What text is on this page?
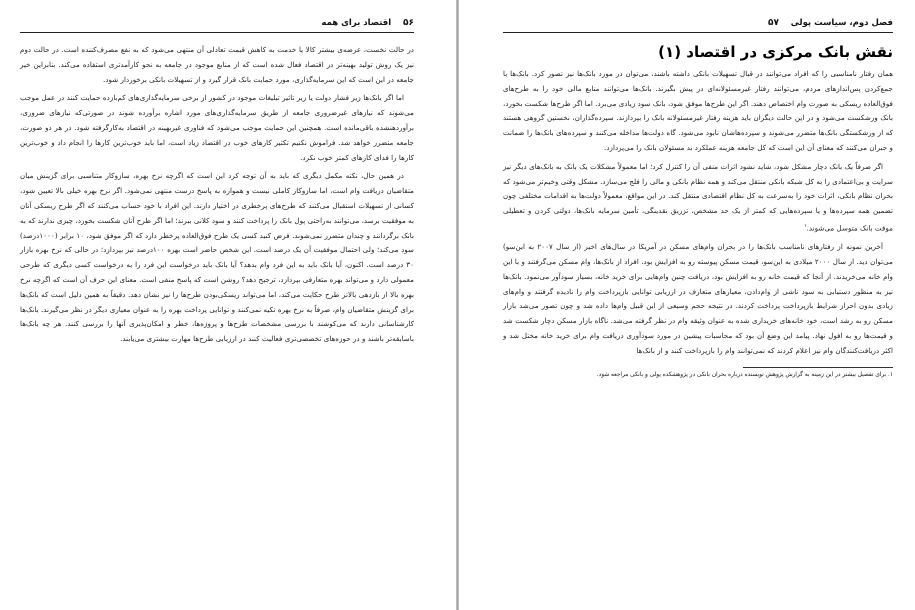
۵۶    اقتصاد برای همه

در حالت نخست، عرضه‌ی بیشتر کالا یا خدمت به کاهش قیمت تعادلی آن منتهی می‌شود که به نفع مصرف‌کننده است. در حالت دوم نیز یک روش تولید بهینه‌تر در اقتصاد فعال شده است که از منابع موجود در جامعه به نحو کارآمدتری استفاده می‌کند. بنابراین خیر جامعه در این است که این سرمایه‌گذاری، مورد حمایت بانک قرار گیرد و از تسهیلات بانکی برخوردار شود.

اما اگر بانک‌ها زیر فشار دولت یا زیر تاثیر تبلیغات موجود در کشور از برخی سرمایه‌گذاری‌های کم‌بازده حمایت کنند در عمل موجب می‌شوند که نیازهای غیرضروری جامعه از طریق سرمایه‌گذاری‌های مورد اشاره برآورده شوند در صورتی‌که نیازهای ضروری، برآوردهنشده باقی‌مانده است. همچنین این حمایت موجب می‌شود که فناوری غیربهینه در اقتصاد به‌کارگرفته شود. در هر دو صورت، جامعه متضرر خواهد شد. فراموش نکنیم تکثیر کارهای خوب در اقتصاد زیاد است، اما باید خوب‌ترین کارها را انجام داد و خوب‌ترین کارها را فدای کارهای کمتر خوب نکرد.

در همین حال، نکته مکمل دیگری که باید به آن توجه کرد این است که اگرچه نرخ بهره، سازوکار متناسبی برای گزینش میان متقاضیان دریافت وام است، اما سازوکار کاملی نیست و همواره به پاسخ درست منتهی نمی‌شود. اگر نرخ بهره خیلی بالا تعیین شود، کسانی از تسهیلات استقبال می‌کنند که طرح‌های پرخطری در اختیار دارند. این افراد با خود حساب می‌کنند که اگر طرح ریسکی آنان به موفقیت برسد، می‌توانند به‌راحتی پول بانک را پرداخت کنند و سود کلانی ببرند؛ اما اگر طرح آنان شکست بخورد، چیزی ندارند که به بانک برگردانند و چندان متضرر نمی‌شوند. فرض کنید کسی یک طرح فوق‌العاده پرخطر دارد که اگر موفق شود، ۱۰ برابر (۱۰۰۰درصد) سود می‌کند؛ ولی احتمال موفقیت آن یک درصد است. این شخص حاضر است بهره ۱۰۰درصد نیز بپردازد؛ در حالی که نرخ بهره بازار ۳۰ درصد است. اکنون، آیا بانک باید به این فرد وام بدهد؟ آیا بانک باید درخواست این فرد را به درخواست کسی دیگری که طرحی معمولی دارد و می‌تواند بهره متعارفی بپردازد، ترجیح دهد؟ روشن است که پاسخ منفی است. معنای این حرف آن است که اگرچه نرخ بهره بالا از بازدهی بالاتر طرح حکایت می‌کند، اما می‌تواند ریسکی‌بودن طرح‌ها را نیز نشان دهد. دقیقاً به همین دلیل است که بانک‌ها برای گزینش متقاضیان وام، صرفاً به نرخ بهره تکیه نمی‌کنند و توانایی پرداخت بهره را به عنوان معیاری دیگر در نظر می‌گیرند. بانک‌ها کارشناسانی دارند که می‌کوشند با بررسی مشخصات طرح‌ها و پروژه‌ها، خطر و امکان‌پذیری آنها را بررسی کنند. هر چه بانک‌ها باسابقه‌تر باشند و در حوزه‌های تخصصی‌تری فعالیت کنند در ارزیابی طرح‌ها مهارت بیشتری می‌یابند.

فصل دوم، سیاست پولی    ۵۷
نقش بانک مرکزی در اقتصاد (۱)

همان رفتار نامناسبی را که افراد می‌توانند در قبال تسهیلات بانکی داشته باشند، می‌توان در مورد بانک‌ها نیز تصور کرد. بانک‌ها با جمع‌کردن پس‌اندازهای مردم، می‌توانند رفتار غیرمسئولانه‌ای در پیش بگیرند. بانک‌ها می‌توانند منابع مالی خود را به طرح‌های فوق‌العاده ریسکی به صورت وام اختصاص دهند. اگر این طرح‌ها موفق شود، بانک سود زیادی می‌برد. اما اگر طرح‌ها شکست بخورد، بانک ورشکست می‌شود و در این حالت دیگران باید هزینه رفتار غیرمسئولانه بانک را بپردازند. سپرده‌گذاران، نخستین گروهی هستند که از ورشکستگی بانک‌ها متضرر می‌شوند و سپرده‌هاشان نابود می‌شود. گاه دولت‌ها مداخله می‌کنند و سپرده‌های بانک‌ها را ضمانت و جبران می‌کنند که معنای آن این است که کل جامعه هزینه عملکرد بد مسئولان بانک را می‌پردازد.

اگر صرفاً یک بانک دچار مشکل شود، شاید نشود اثرات منفی آن را کنترل کرد؛ اما معمولاً مشکلات یک بانک به بانک‌های دیگر نیز سرایت و بی‌اعتمادی را به کل شبکه بانکی منتقل می‌کند و همه نظام بانکی و مالی را فلج می‌سازد. مشکل وقتی وخیم‌تر می‌شود که بحران نظام بانکی، اثرات خود را به‌سرعت به کل نظام اقتصادی منتقل کند. در این مواقع، معمولاً دولت‌ها به اقدامات مختلفی چون تضمین همه سپرده‌ها و یا سپرده‌هایی که کمتر از یک حد مشخص، تزریق نقدینگی، تأمین سرمایه بانک‌ها، دولتی کردن و تعطیلی موقت بانک متوسل می‌شوند.$^۱$

آخرین نمونه از رفتارهای نامناسب بانک‌ها را در بحران وام‌های مسکن در آمریکا در سال‌های اخیر (از سال ۲۰۰۷ به این‌سو) می‌توان دید. از سال ۲۰۰۰ میلادی به این‌سو، قیمت مسکن پیوسته رو به افزایش بود. افراد از بانک‌ها، وام مسکن می‌گرفتند و با این وام خانه می‌خریدند. از آنجا که قیمت خانه رو به افزایش بود، دریافت چنین وام‌هایی برای خرید خانه، بسیار سودآور می‌نمود. بانک‌ها نیز به منظور دستیابی به سود ناشی از وام‌دادن، معیارهای متعارف در ارزیابی توانایی بازپرداخت وام را نادیده گرفتند و وام‌های زیادی بدون احراز شرایط بازپرداخت پرداخت کردند. در نتیجه حجم وسیعی از این قبیل وام‌ها داده شد و چون تصور می‌شد بازار مسکن رو به رشد است، خود خانه‌های خریداری شده به عنوان وثیقه وام در نظر گرفته می‌شد. ناگاه بازار مسکن دچار شکست شد و قیمت‌ها رو به افول نهاد. پیامد این وضع آن بود که محاسبات پیشین در مورد سودآوری دریافت وام برای خرید خانه مختل شد و اکثر دریافت‌کنندگان وام نیز اعلام کردند که نمی‌توانند وام را بازپرداخت کنند و از بانک‌ها

۱. برای تفصیل بیشتر در این زمینه به گزارش پژوهش نویسنده درباره بحران بانکی در پژوهشکده پولی و بانکی مراجعه شود.
